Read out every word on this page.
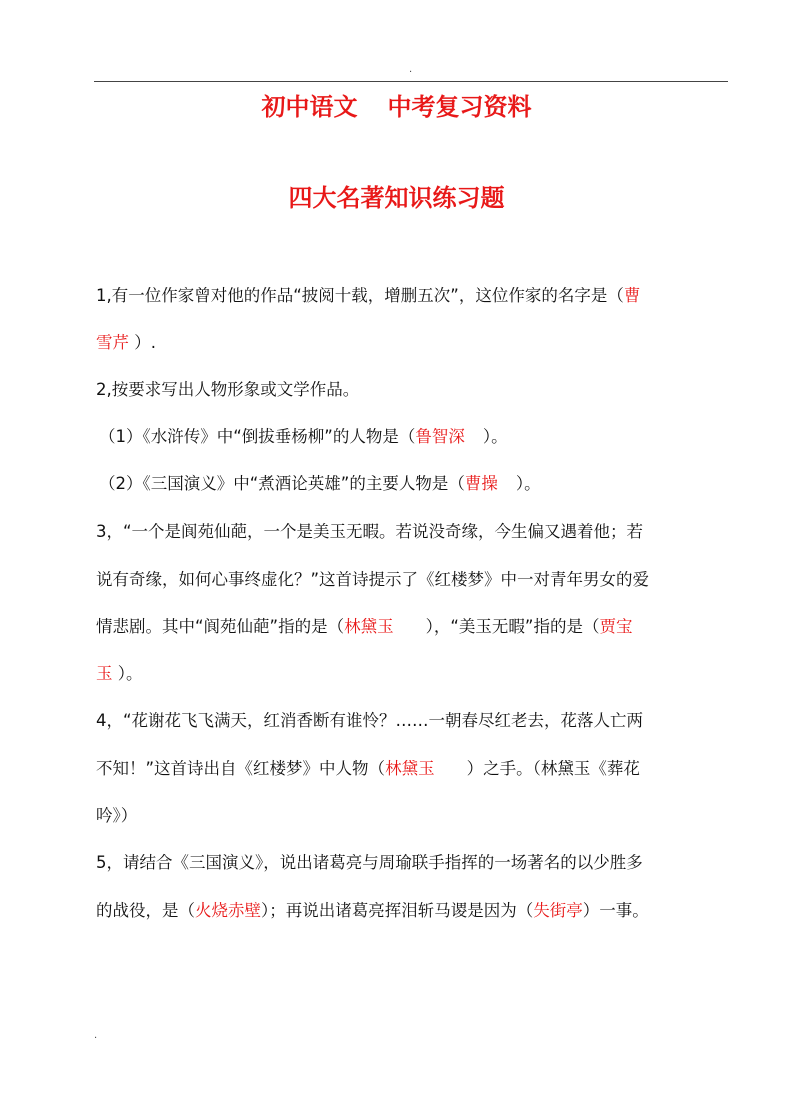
.
初中语文 中考复习资料
四大名著知识练习题
1,有一位作家曾对他的作品“披阅十载，增删五次”，这位作家的名字是（曹
雪芹 ）.
2,按要求写出人物形象或文学作品。
（1）《水浒传》中“倒拔垂杨柳”的人物是（鲁智深 ）。
（2）《三国演义》中“煮酒论英雄”的主要人物是（曹操 ）。
3，“一个是阆苑仙葩，一个是美玉无暇。若说没奇缘，今生偏又遇着他；若
说有奇缘，如何心事终虚化？”这首诗提示了《红楼梦》中一对青年男女的爱
情悲剧。其中“阆苑仙葩”指的是（林黛玉 ），“美玉无暇”指的是（贾宝
玉 ）。
4，“花谢花飞飞满天，红消香断有谁怜？……一朝春尽红老去，花落人亡两
不知！”这首诗出自《红楼梦》中人物（林黛玉 ）之手。（林黛玉《葬花
吟》）
5，请结合《三国演义》，说出诸葛亮与周瑜联手指挥的一场著名的以少胜多
的战役，是（火烧赤壁）；再说出诸葛亮挥泪斩马谡是因为（失街亭）一事。
.
